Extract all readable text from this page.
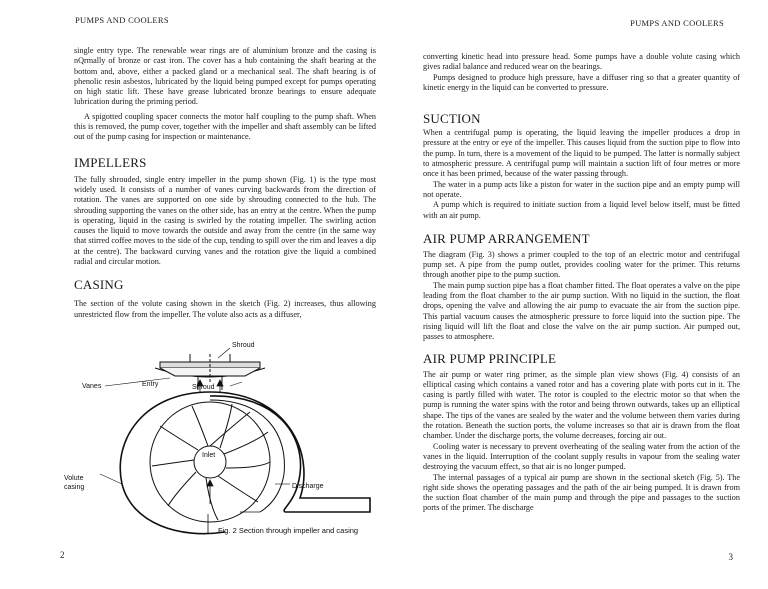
PUMPS AND COOLERS	PUMPS AND COOLERS

single entry type. The renewable wear rings are of aluminium bronze and the casing is nQrmally of bronze or cast iron. The cover has a hub containing the shaft bearing at the bottom and, above, either a packed gland or a mechanical seal. The shaft bearing is of phenolic resin asbestos, lubricated by the liquid being pumped except for pumps operating on high static lift. These have grease lubricated bronze bearings to ensure adequate lubrication during the priming period.

A spigotted coupling spacer connects the motor half coupling to the pump shaft. When this is removed, the pump cover, together with the impeller and shaft assembly can be lifted out of the pump casing for inspection or maintenance.

IMPELLERS

The fully shrouded, single entry impeller in the pump shown (Fig. 1) is the type most widely used. It consists of a number of vanes curving backwards from the direction of rotation. The vanes are supported on one side by shrouding connected to the hub. The shrouding supporting the vanes on the other side, has an entry at the centre. When the pump is operating, liquid in the casing is swirled by the rotating impeller. The swirling action causes the liquid to move towards the outside and away from the centre (in the same way that stirred coffee moves to the side of the cup, tending to spill over the rim and leaves a dip at the centre). The backward curving vanes and the rotation give the liquid a combined radial and circular motion.

CASING

The section of the volute casing shown in the sketch (Fig. 2) increases, thus allowing unrestricted flow from the impeller. The volute also acts as a diffuser,

Shroud
Vanes	Entry	Shroud
Inlet
Volute
casing	Discharge
Fig. 2 Section through impeller and casing

converting kinetic head into pressure head. Some pumps have a double volute casing which gives radial balance and reduced wear on the bearings.

Pumps designed to produce high pressure, have a diffuser ring so that a greater quantity of kinetic energy in the liquid can be converted to pressure.

SUCTION

When a centrifugal pump is operating, the liquid leaving the impeller produces a drop in pressure at the entry or eye of the impeller. This causes liquid from the suction pipe to flow into the pump. In turn, there is a movement of the liquid to be pumped. The latter is normally subject to atmospheric pressure. A centrifugal pump will maintain a suction lift of four metres or more once it has been primed, because of the water passing through.

The water in a pump acts like a piston for water in the suction pipe and an empty pump will not operate.

A pump which is required to initiate suction from a liquid level below itself, must be fitted with an air pump.

AIR PUMP ARRANGEMENT

The diagram (Fig. 3) shows a primer coupled to the top of an electric motor and centrifugal pump set. A pipe from the pump outlet, provides cooling water for the primer. This returns through another pipe to the pump suction.

The main pump suction pipe has a float chamber fitted. The float operates a valve on the pipe leading from the float chamber to the air pump suction. With no liquid in the suction, the float drops, opening the valve and allowing the air pump to evacuate the air from the suction pipe. This partial vacuum causes the atmospheric pressure to force liquid into the suction pipe. The rising liquid will lift the float and close the valve on the air pump suction. Air pumped out, passes to atmosphere.

AIR PUMP PRINCIPLE

The air pump or water ring primer, as the simple plan view shows (Fig. 4) consists of an elliptical casing which contains a vaned rotor and has a covering plate with ports cut in it. The casing is partly filled with water. The rotor is coupled to the electric motor so that when the pump is running the water spins with the rotor and being thrown outwards, takes up an elliptical shape. The tips of the vanes are sealed by the water and the volume between them varies during the rotation. Beneath the suction ports, the volume increases so that air is drawn from the float chamber. Under the discharge ports, the volume decreases, forcing air out.

Cooling water is necessary to prevent overheating of the sealing water from the action of the vanes in the liquid. Interruption of the coolant supply results in vapour from the sealing water destroying the vacuum effect, so that air is no longer pumped.

The internal passages of a typical air pump are shown in the sectional sketch (Fig. 5). The right side shows the operating passages and the path of the air being pumped. It is drawn from the suction float chamber of the main pump and through the pipe and passages to the suction ports of the primer. The discharge

2	3
